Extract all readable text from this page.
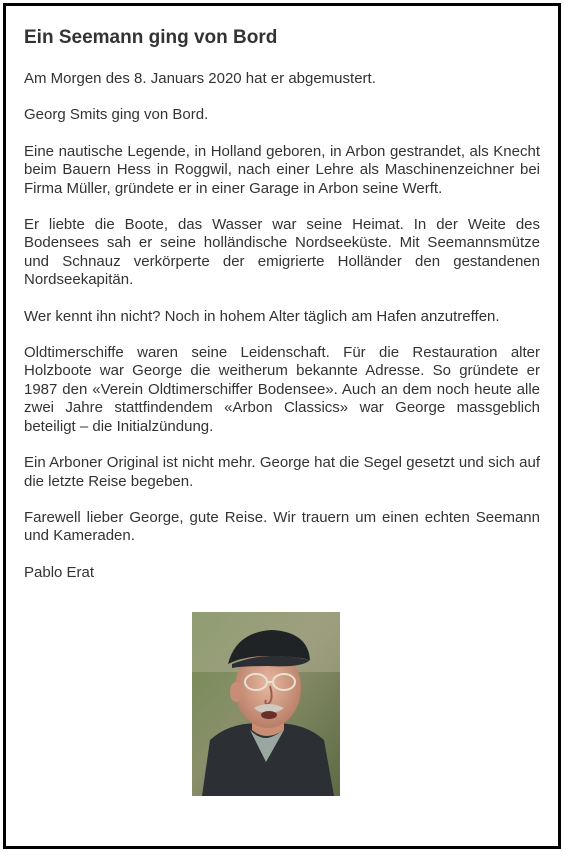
Ein Seemann ging von Bord

Am Morgen des 8. Januars 2020 hat er abgemustert.

Georg Smits ging von Bord.

Eine nautische Legende, in Holland geboren, in Arbon gestrandet, als Knecht beim Bauern Hess in Roggwil, nach einer Lehre als Maschinenzeichner bei Firma Müller, gründete er in einer Garage in Arbon seine Werft.

Er liebte die Boote, das Wasser war seine Heimat. In der Weite des Bodensees sah er seine holländische Nordseeküste. Mit Seemannsmütze und Schnauz verkörperte der emigrierte Holländer den gestandenen Nordseekapitän.

Wer kennt ihn nicht? Noch in hohem Alter täglich am Hafen anzutreffen.

Oldtimerschiffe waren seine Leidenschaft. Für die Restauration alter Holzboote war George die weitherum bekannte Adresse. So gründete er 1987 den «Verein Oldtimerschiffer Bodensee». Auch an dem noch heute alle zwei Jahre stattfindendem «Arbon Classics» war George massgeblich beteiligt – die Initialzündung.

Ein Arboner Original ist nicht mehr. George hat die Segel gesetzt und sich auf die letzte Reise begeben.

Farewell lieber George, gute Reise. Wir trauern um einen echten Seemann und Kameraden.

Pablo Erat
